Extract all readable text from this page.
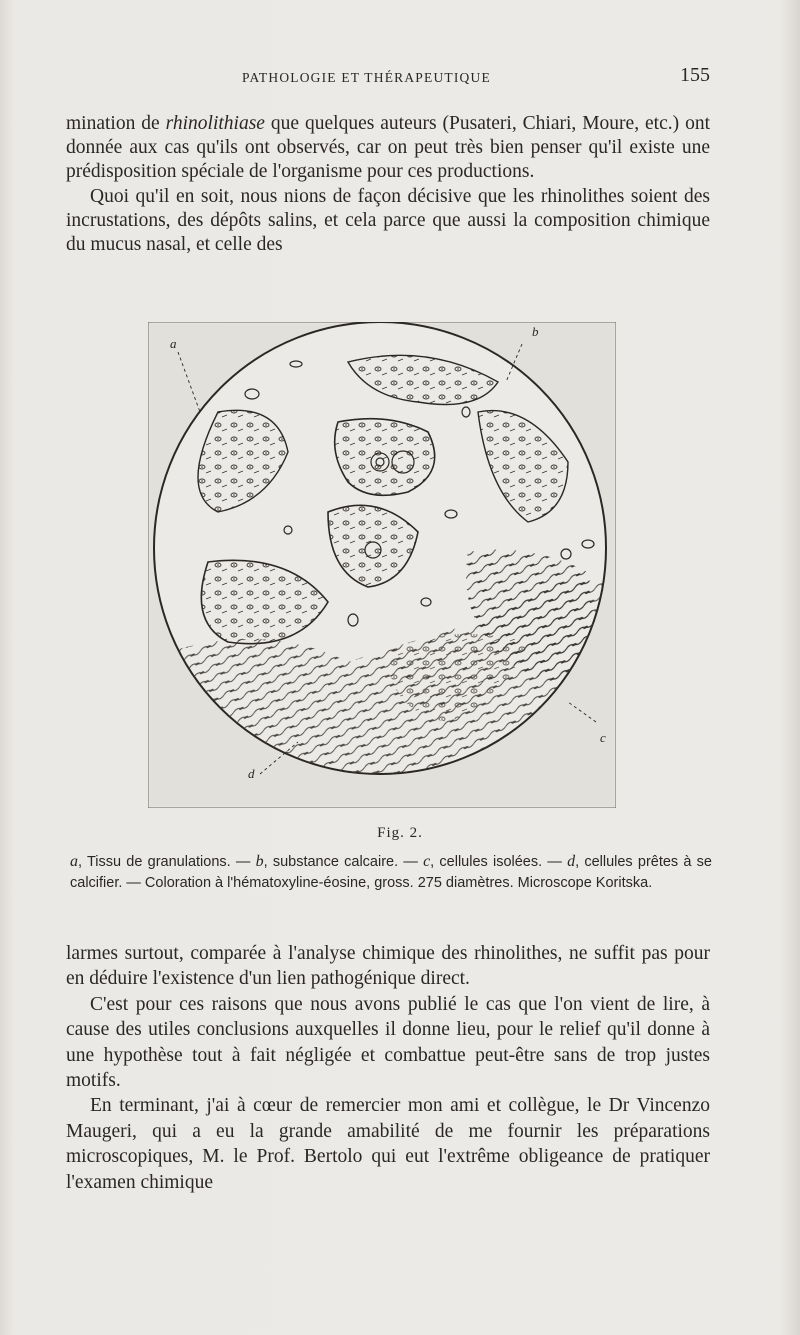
PATHOLOGIE ET THÉRAPEUTIQUE	155

mination de rhinolithiase que quelques auteurs (Pusateri, Chiari, Moure, etc.) ont donnée aux cas qu'ils ont observés, car on peut très bien penser qu'il existe une prédisposition spéciale de l'organisme pour ces productions.

Quoi qu'il en soit, nous nions de façon décisive que les rhinolithes soient des incrustations, des dépôts salins, et cela parce que aussi la composition chimique du mucus nasal, et celle des

a
b
c
d
Fig. 2.
a, Tissu de granulations. — b, substance calcaire. — c, cellules isolées. — d, cellules prêtes à se calcifier. — Coloration à l'hématoxyline-éosine, gross. 275 diamètres. Microscope Koritska.

larmes surtout, comparée à l'analyse chimique des rhinolithes, ne suffit pas pour en déduire l'existence d'un lien pathogénique direct.

C'est pour ces raisons que nous avons publié le cas que l'on vient de lire, à cause des utiles conclusions auxquelles il donne lieu, pour le relief qu'il donne à une hypothèse tout à fait négligée et combattue peut-être sans de trop justes motifs.

En terminant, j'ai à cœur de remercier mon ami et collègue, le Dr Vincenzo Maugeri, qui a eu la grande amabilité de me fournir les préparations microscopiques, M. le Prof. Bertolo qui eut l'extrême obligeance de pratiquer l'examen chimique
